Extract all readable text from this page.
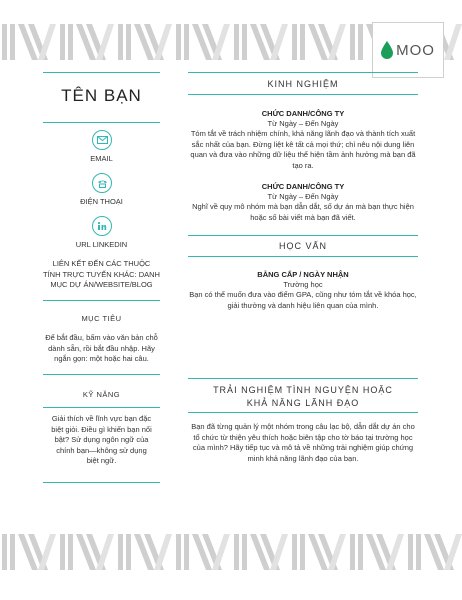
MOO
TÊN BẠN
EMAIL
ĐIỆN THOẠI
URL LINKEDIN
LIÊN KẾT ĐẾN CÁC THUỘC TÍNH TRỰC TUYẾN KHÁC: DANH MỤC DỰ ÁN/WEBSITE/BLOG
MỤC TIÊU
Để bắt đầu, bấm vào văn bản chỗ dành sẵn, rồi bắt đầu nhập. Hãy ngắn gọn: một hoặc hai câu.
KỸ NĂNG
Giải thích về lĩnh vực bạn đặc biệt giỏi. Điều gì khiến bạn nổi bật? Sử dụng ngôn ngữ của chính bạn—không sử dụng biệt ngữ.
KINH NGHIỆM
CHỨC DANH/CÔNG TY
Từ Ngày – Đến Ngày
Tóm tắt về trách nhiệm chính, khả năng lãnh đạo và thành tích xuất sắc nhất của bạn. Đừng liệt kê tất cả mọi thứ; chỉ nêu nội dung liên quan và đưa vào những dữ liệu thể hiện tầm ảnh hưởng mà bạn đã tạo ra.
CHỨC DANH/CÔNG TY
Từ Ngày – Đến Ngày
Nghĩ về quy mô nhóm mà bạn dẫn dắt, số dự án mà bạn thực hiện hoặc số bài viết mà bạn đã viết.
HỌC VẤN
BẰNG CẤP / NGÀY NHẬN
Trường học
Bạn có thể muốn đưa vào điểm GPA, cũng như tóm tắt về khóa học, giải thưởng và danh hiệu liên quan của mình.
TRẢI NGHIỆM TÌNH NGUYỆN HOẶC
KHẢ NĂNG LÃNH ĐẠO
Bạn đã từng quản lý một nhóm trong câu lạc bộ, dẫn dắt dự án cho tổ chức từ thiện yêu thích hoặc biên tập cho tờ báo tại trường học của mình? Hãy tiếp tục và mô tả về những trải nghiệm giúp chứng minh khả năng lãnh đạo của bạn.
